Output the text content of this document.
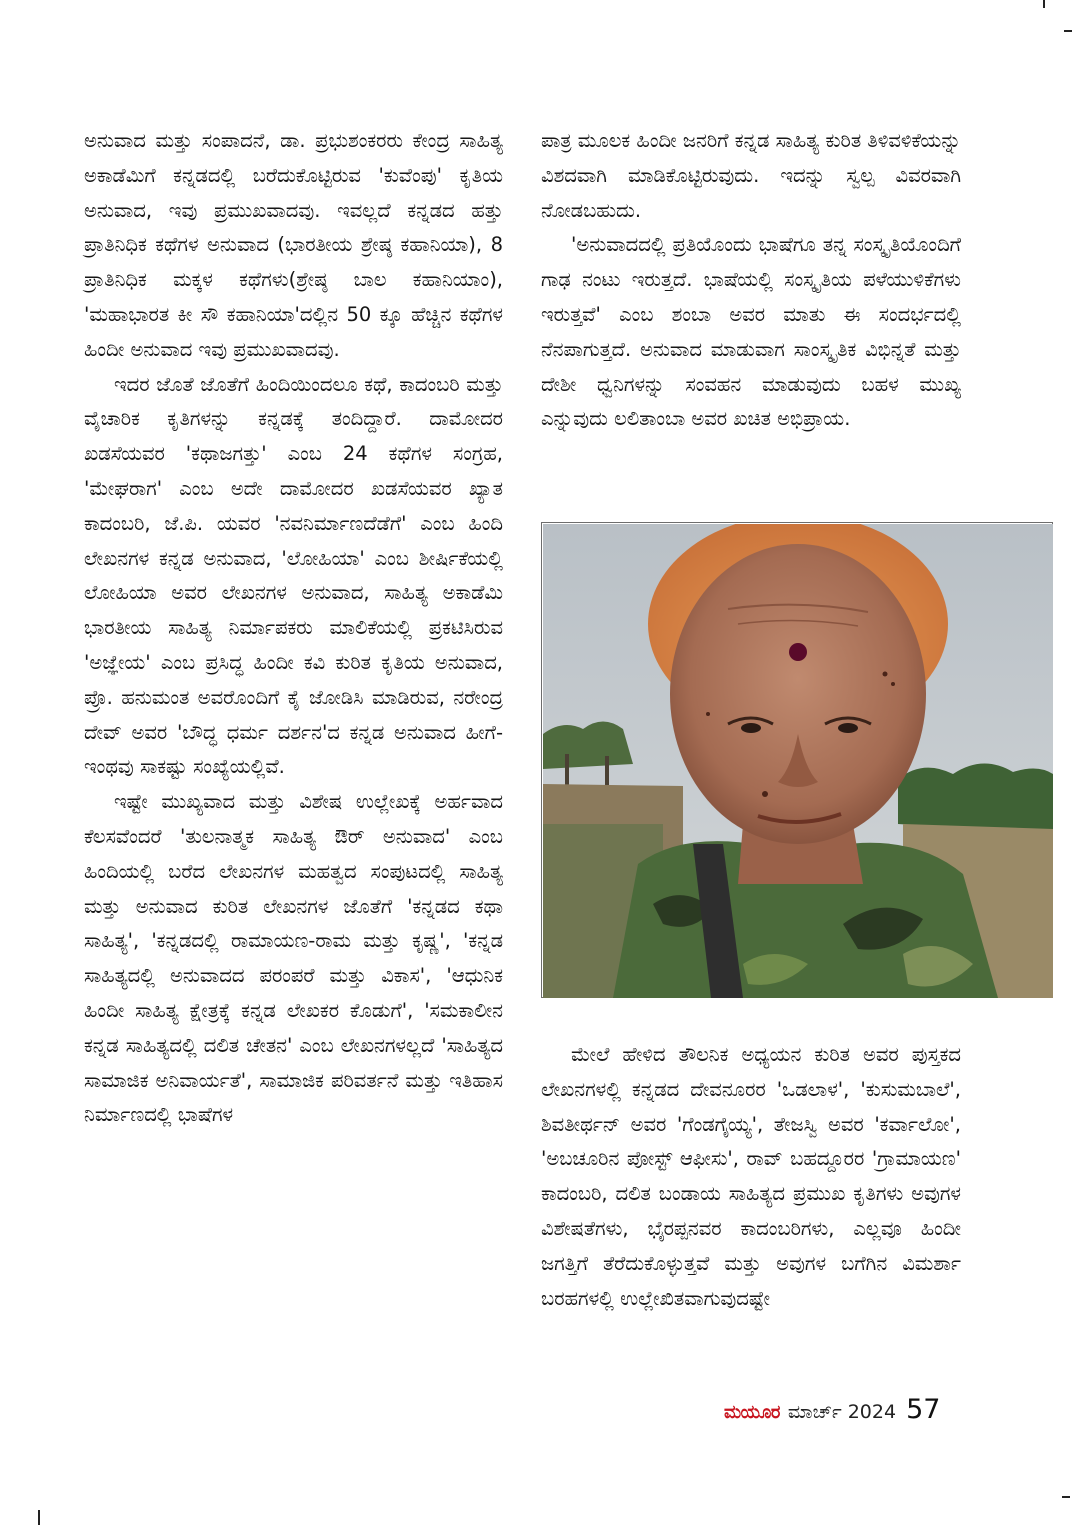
ಅನುವಾದ ಮತ್ತು ಸಂಪಾದನೆ, ಡಾ. ಪ್ರಭುಶಂಕರರು ಕೇಂದ್ರ ಸಾಹಿತ್ಯ ಅಕಾಡೆಮಿಗೆ ಕನ್ನಡದಲ್ಲಿ ಬರೆದುಕೊಟ್ಟಿರುವ 'ಕುವೆಂಪು' ಕೃತಿಯ ಅನುವಾದ, ಇವು ಪ್ರಮುಖವಾದವು. ಇವಲ್ಲದೆ ಕನ್ನಡದ ಹತ್ತು ಪ್ರಾತಿನಿಧಿಕ ಕಥೆಗಳ ಅನುವಾದ (ಭಾರತೀಯ ಶ್ರೇಷ್ಠ ಕಹಾನಿಯಾ), 8 ಪ್ರಾತಿನಿಧಿಕ ಮಕ್ಕಳ ಕಥೆಗಳು(ಶ್ರೇಷ್ಠ ಬಾಲ ಕಹಾನಿಯಾಂ), 'ಮಹಾಭಾರತ ಕೀ ಸೌ ಕಹಾನಿಯಾ'ದಲ್ಲಿನ 50 ಕ್ಕೂ ಹೆಚ್ಚಿನ ಕಥೆಗಳ ಹಿಂದೀ ಅನುವಾದ ಇವು ಪ್ರಮುಖವಾದವು.

ಇದರ ಜೊತೆ ಜೊತೆಗೆ ಹಿಂದಿಯಿಂದಲೂ ಕಥೆ, ಕಾದಂಬರಿ ಮತ್ತು ವೈಚಾರಿಕ ಕೃತಿಗಳನ್ನು ಕನ್ನಡಕ್ಕೆ ತಂದಿದ್ದಾರೆ. ದಾಮೋದರ ಖಡಸೆಯವರ 'ಕಥಾಜಗತ್ತು' ಎಂಬ 24 ಕಥೆಗಳ ಸಂಗ್ರಹ, 'ಮೇಘರಾಗ' ಎಂಬ ಅದೇ ದಾಮೋದರ ಖಡಸೆಯವರ ಖ್ಯಾತ ಕಾದಂಬರಿ, ಜೆ.ಪಿ. ಯವರ 'ನವನಿರ್ಮಾಣದೆಡೆಗೆ' ಎಂಬ ಹಿಂದಿ ಲೇಖನಗಳ ಕನ್ನಡ ಅನುವಾದ, 'ಲೋಹಿಯಾ' ಎಂಬ ಶೀರ್ಷಿಕೆಯಲ್ಲಿ ಲೋಹಿಯಾ ಅವರ ಲೇಖನಗಳ ಅನುವಾದ, ಸಾಹಿತ್ಯ ಅಕಾಡೆಮಿ ಭಾರತೀಯ ಸಾಹಿತ್ಯ ನಿರ್ಮಾಪಕರು ಮಾಲಿಕೆಯಲ್ಲಿ ಪ್ರಕಟಿಸಿರುವ 'ಅಜ್ಞೇಯ' ಎಂಬ ಪ್ರಸಿದ್ಧ ಹಿಂದೀ ಕವಿ ಕುರಿತ ಕೃತಿಯ ಅನುವಾದ, ಪ್ರೊ. ಹನುಮಂತ ಅವರೊಂದಿಗೆ ಕೈ ಜೋಡಿಸಿ ಮಾಡಿರುವ, ನರೇಂದ್ರ ದೇವ್ ಅವರ 'ಬೌದ್ಧ ಧರ್ಮ ದರ್ಶನ'ದ ಕನ್ನಡ ಅನುವಾದ ಹೀಗೆ- ಇಂಥವು ಸಾಕಷ್ಟು ಸಂಖ್ಯೆಯಲ್ಲಿವೆ.

ಇಷ್ಟೇ ಮುಖ್ಯವಾದ ಮತ್ತು ವಿಶೇಷ ಉಲ್ಲೇಖಕ್ಕೆ ಅರ್ಹವಾದ ಕೆಲಸವೆಂದರೆ 'ತುಲನಾತ್ಮಕ ಸಾಹಿತ್ಯ ಔರ್ ಅನುವಾದ' ಎಂಬ ಹಿಂದಿಯಲ್ಲಿ ಬರೆದ ಲೇಖನಗಳ ಮಹತ್ವದ ಸಂಪುಟದಲ್ಲಿ ಸಾಹಿತ್ಯ ಮತ್ತು ಅನುವಾದ ಕುರಿತ ಲೇಖನಗಳ ಜೊತೆಗೆ 'ಕನ್ನಡದ ಕಥಾ ಸಾಹಿತ್ಯ', 'ಕನ್ನಡದಲ್ಲಿ ರಾಮಾಯಣ-ರಾಮ ಮತ್ತು ಕೃಷ್ಣ', 'ಕನ್ನಡ ಸಾಹಿತ್ಯದಲ್ಲಿ ಅನುವಾದದ ಪರಂಪರೆ ಮತ್ತು ವಿಕಾಸ', 'ಆಧುನಿಕ ಹಿಂದೀ ಸಾಹಿತ್ಯ ಕ್ಷೇತ್ರಕ್ಕೆ ಕನ್ನಡ ಲೇಖಕರ ಕೊಡುಗೆ', 'ಸಮಕಾಲೀನ ಕನ್ನಡ ಸಾಹಿತ್ಯದಲ್ಲಿ ದಲಿತ ಚೇತನ' ಎಂಬ ಲೇಖನಗಳಲ್ಲದೆ 'ಸಾಹಿತ್ಯದ ಸಾಮಾಜಿಕ ಅನಿವಾರ್ಯತೆ', ಸಾಮಾಜಿಕ ಪರಿವರ್ತನೆ ಮತ್ತು ಇತಿಹಾಸ ನಿರ್ಮಾಣದಲ್ಲಿ ಭಾಷೆಗಳ

ಪಾತ್ರ ಮೂಲಕ ಹಿಂದೀ ಜನರಿಗೆ ಕನ್ನಡ ಸಾಹಿತ್ಯ ಕುರಿತ ತಿಳಿವಳಿಕೆಯನ್ನು ವಿಶದವಾಗಿ ಮಾಡಿಕೊಟ್ಟಿರುವುದು. ಇದನ್ನು ಸ್ವಲ್ಪ ವಿವರವಾಗಿ ನೋಡಬಹುದು.

'ಅನುವಾದದಲ್ಲಿ ಪ್ರತಿಯೊಂದು ಭಾಷೆಗೂ ತನ್ನ ಸಂಸ್ಕೃತಿಯೊಂದಿಗೆ ಗಾಢ ನಂಟು ಇರುತ್ತದೆ. ಭಾಷೆಯಲ್ಲಿ ಸಂಸ್ಕೃತಿಯ ಪಳೆಯುಳಿಕೆಗಳು ಇರುತ್ತವೆ' ಎಂಬ ಶಂಬಾ ಅವರ ಮಾತು ಈ ಸಂದರ್ಭದಲ್ಲಿ ನೆನಪಾಗುತ್ತದೆ. ಅನುವಾದ ಮಾಡುವಾಗ ಸಾಂಸ್ಕೃತಿಕ ವಿಭಿನ್ನತೆ ಮತ್ತು ದೇಶೀ ಧ್ವನಿಗಳನ್ನು ಸಂವಹನ ಮಾಡುವುದು ಬಹಳ ಮುಖ್ಯ ಎನ್ನುವುದು ಲಲಿತಾಂಬಾ ಅವರ ಖಚಿತ ಅಭಿಪ್ರಾಯ.

ಮೇಲೆ ಹೇಳಿದ ತೌಲನಿಕ ಅಧ್ಯಯನ ಕುರಿತ ಅವರ ಪುಸ್ತಕದ ಲೇಖನಗಳಲ್ಲಿ ಕನ್ನಡದ ದೇವನೂರರ 'ಒಡಲಾಳ', 'ಕುಸುಮಬಾಲೆ', ಶಿವತೀರ್ಥನ್ ಅವರ 'ಗೆಂಡಗೈಯ್ಯ', ತೇಜಸ್ವಿ ಅವರ 'ಕರ್ವಾಲೋ', 'ಅಬಚೂರಿನ ಪೋಸ್ಟ್ ಆಫೀಸು', ರಾವ್ ಬಹದ್ದೂರರ 'ಗ್ರಾಮಾಯಣ' ಕಾದಂಬರಿ, ದಲಿತ ಬಂಡಾಯ ಸಾಹಿತ್ಯದ ಪ್ರಮುಖ ಕೃತಿಗಳು ಅವುಗಳ ವಿಶೇಷತೆಗಳು, ಭೈರಪ್ಪನವರ ಕಾದಂಬರಿಗಳು, ಎಲ್ಲವೂ ಹಿಂದೀ ಜಗತ್ತಿಗೆ ತೆರೆದುಕೊಳ್ಳುತ್ತವೆ ಮತ್ತು ಅವುಗಳ ಬಗೆಗಿನ ವಿಮರ್ಶಾ ಬರಹಗಳಲ್ಲಿ ಉಲ್ಲೇಖಿತವಾಗುವುದಷ್ಟೇ

ಮಯೂರ ಮಾರ್ಚ್ 2024 57
